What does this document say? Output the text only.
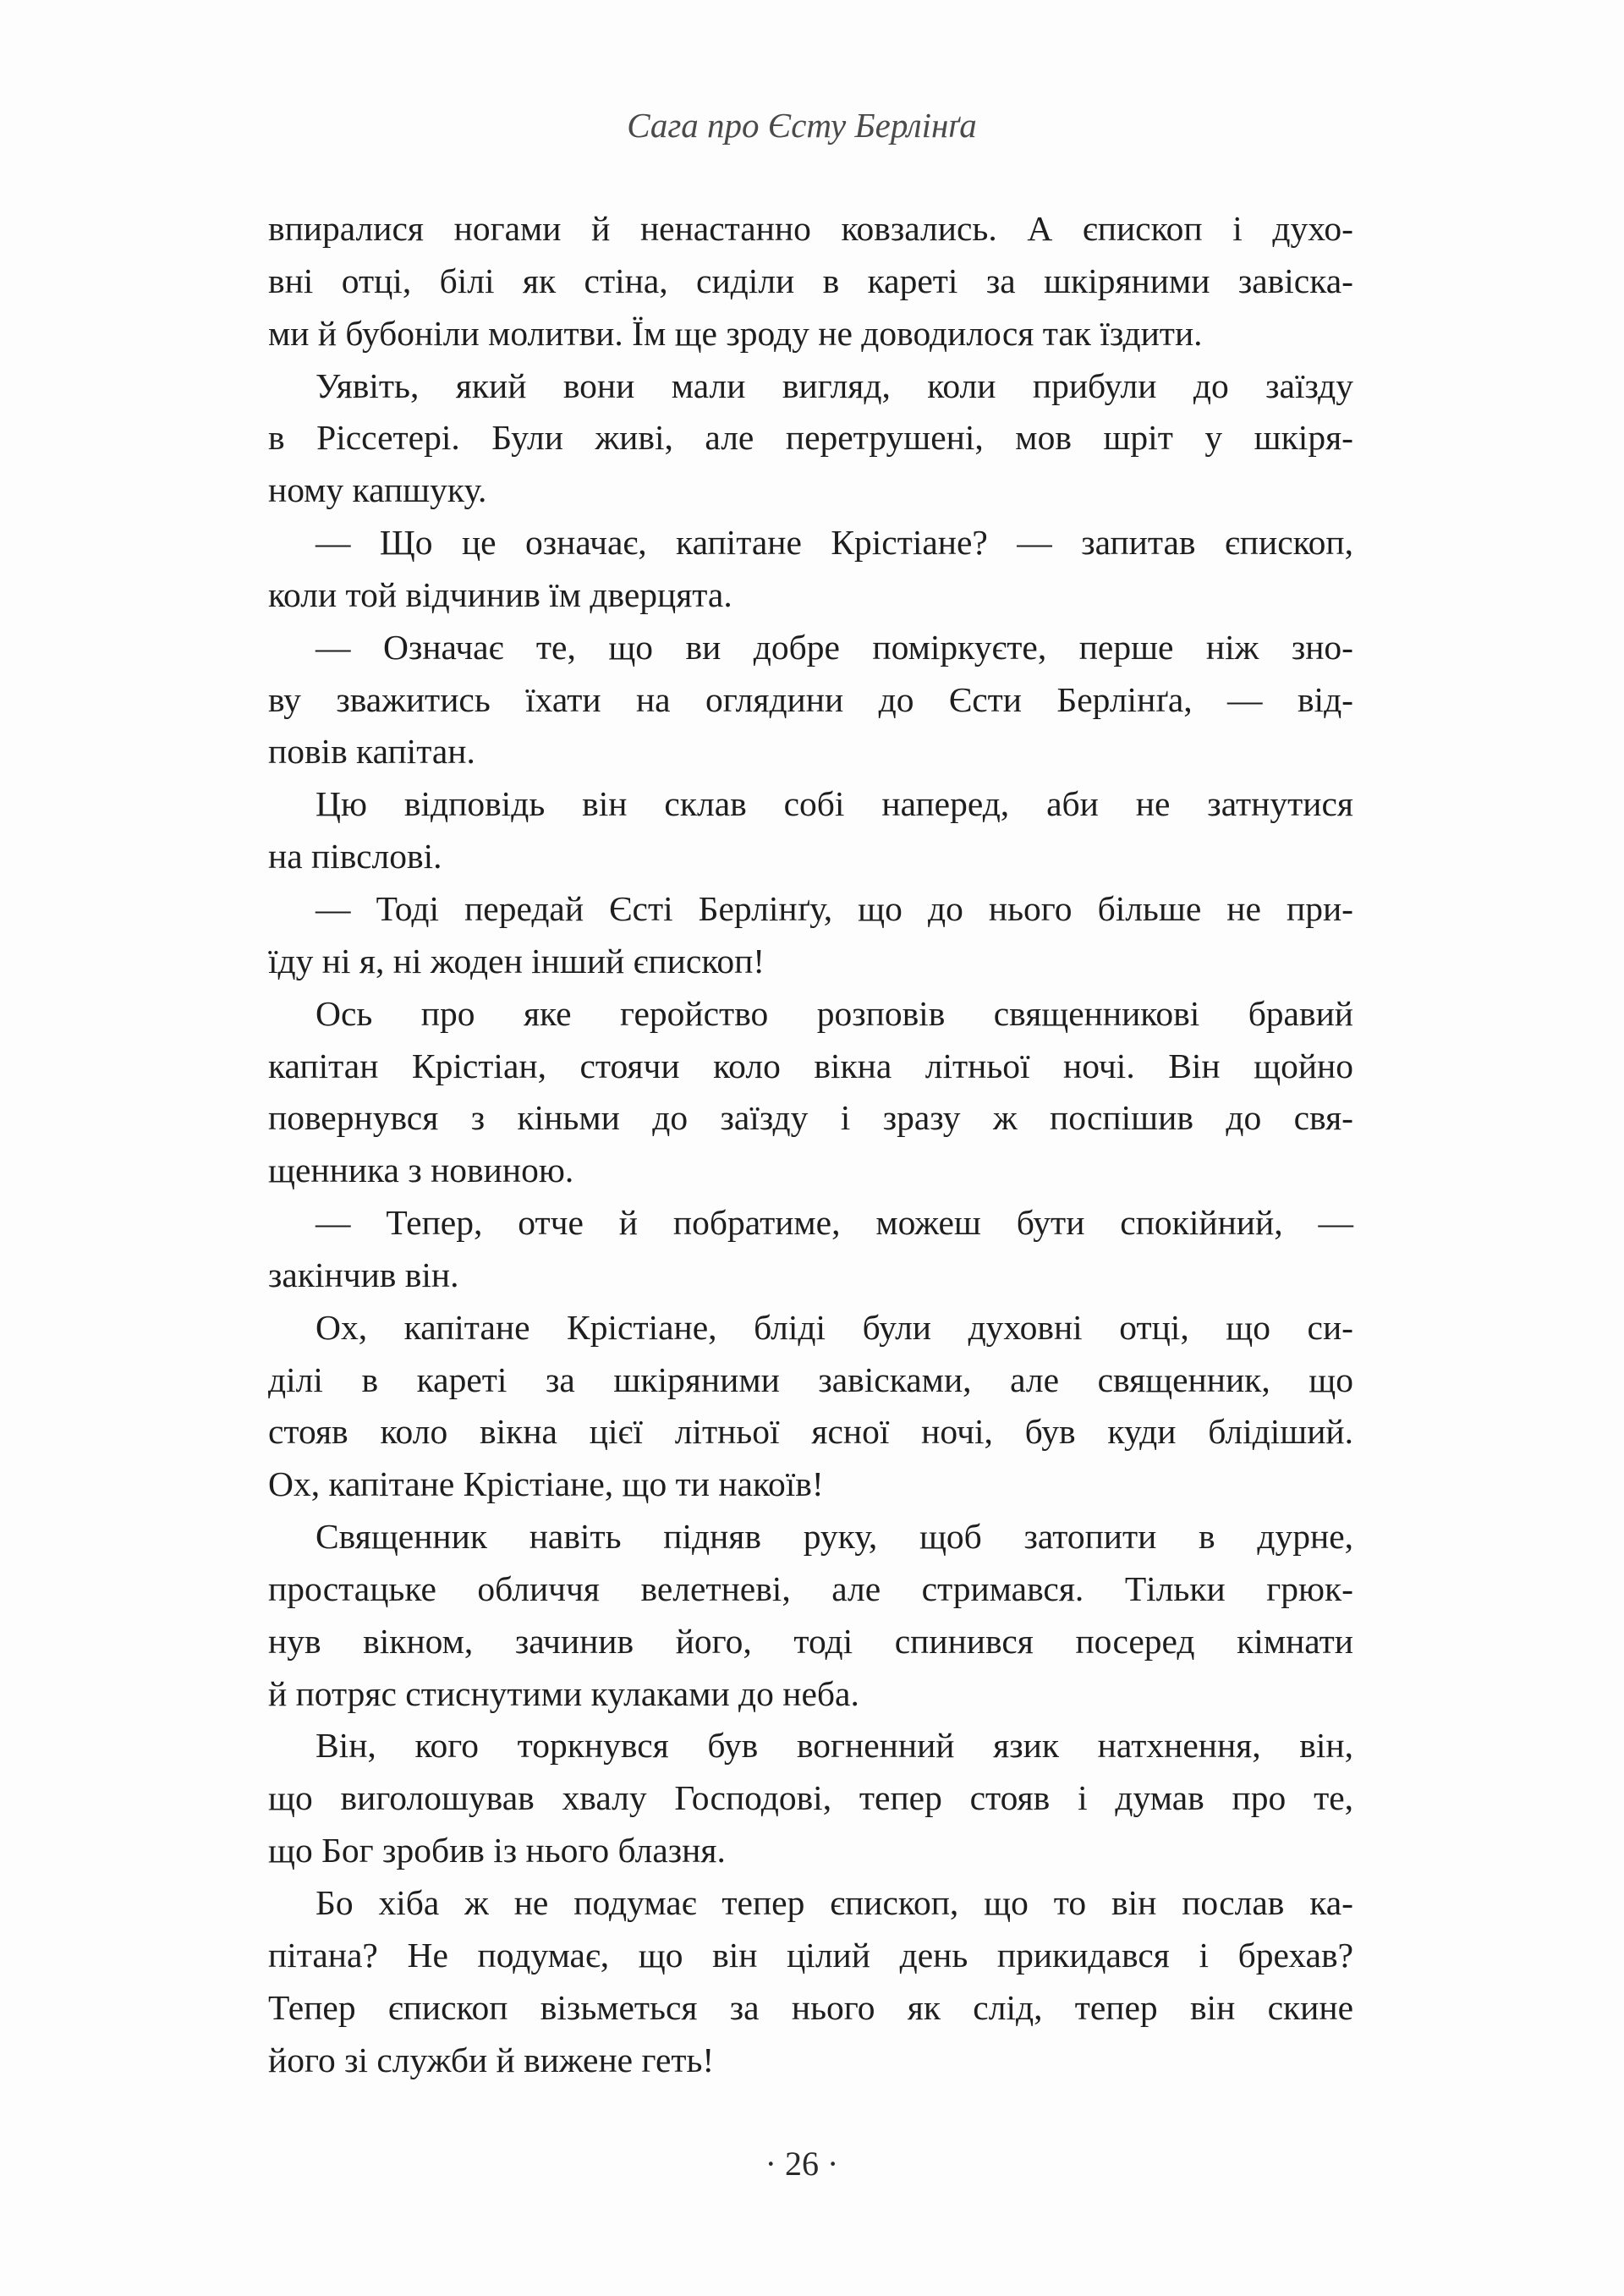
Сага про Єсту Берлінґа
впиралися ногами й ненастанно ковзались. А єпископ і духо-
вні отці, білі як стіна, сиділи в кареті за шкіряними завіска-
ми й бубоніли молитви. Їм ще зроду не доводилося так їздити.
Уявіть, який вони мали вигляд, коли прибули до заїзду
в Ріссетері. Були живі, але перетрушені, мов шріт у шкіря-
ному капшуку.
— Що це означає, капітане Крістіане? — запитав єпископ,
коли той відчинив їм дверцята.
— Означає те, що ви добре поміркуєте, перше ніж зно-
ву зважитись їхати на оглядини до Єсти Берлінґа, — від-
повів капітан.
Цю відповідь він склав собі наперед, аби не затнутися
на півслові.
— Тоді передай Єсті Берлінґу, що до нього більше не при-
їду ні я, ні жоден інший єпископ!
Ось про яке геройство розповів священникові бравий
капітан Крістіан, стоячи коло вікна літньої ночі. Він щойно
повернувся з кіньми до заїзду і зразу ж поспішив до свя-
щенника з новиною.
— Тепер, отче й побратиме, можеш бути спокійний, —
закінчив він.
Ох, капітане Крістіане, бліді були духовні отці, що си-
ділі в кареті за шкіряними завісками, але священник, що
стояв коло вікна цієї літньої ясної ночі, був куди блідіший.
Ох, капітане Крістіане, що ти накоїв!
Священник навіть підняв руку, щоб затопити в дурне,
простацьке обличчя велетневі, але стримався. Тільки грюк-
нув вікном, зачинив його, тоді спинився посеред кімнати
й потряс стиснутими кулаками до неба.
Він, кого торкнувся був вогненний язик натхнення, він,
що виголошував хвалу Господові, тепер стояв і думав про те,
що Бог зробив із нього блазня.
Бо хіба ж не подумає тепер єпископ, що то він послав ка-
пітана? Не подумає, що він цілий день прикидався і брехав?
Тепер єпископ візьметься за нього як слід, тепер він скине
його зі служби й вижене геть!
· 26 ·
